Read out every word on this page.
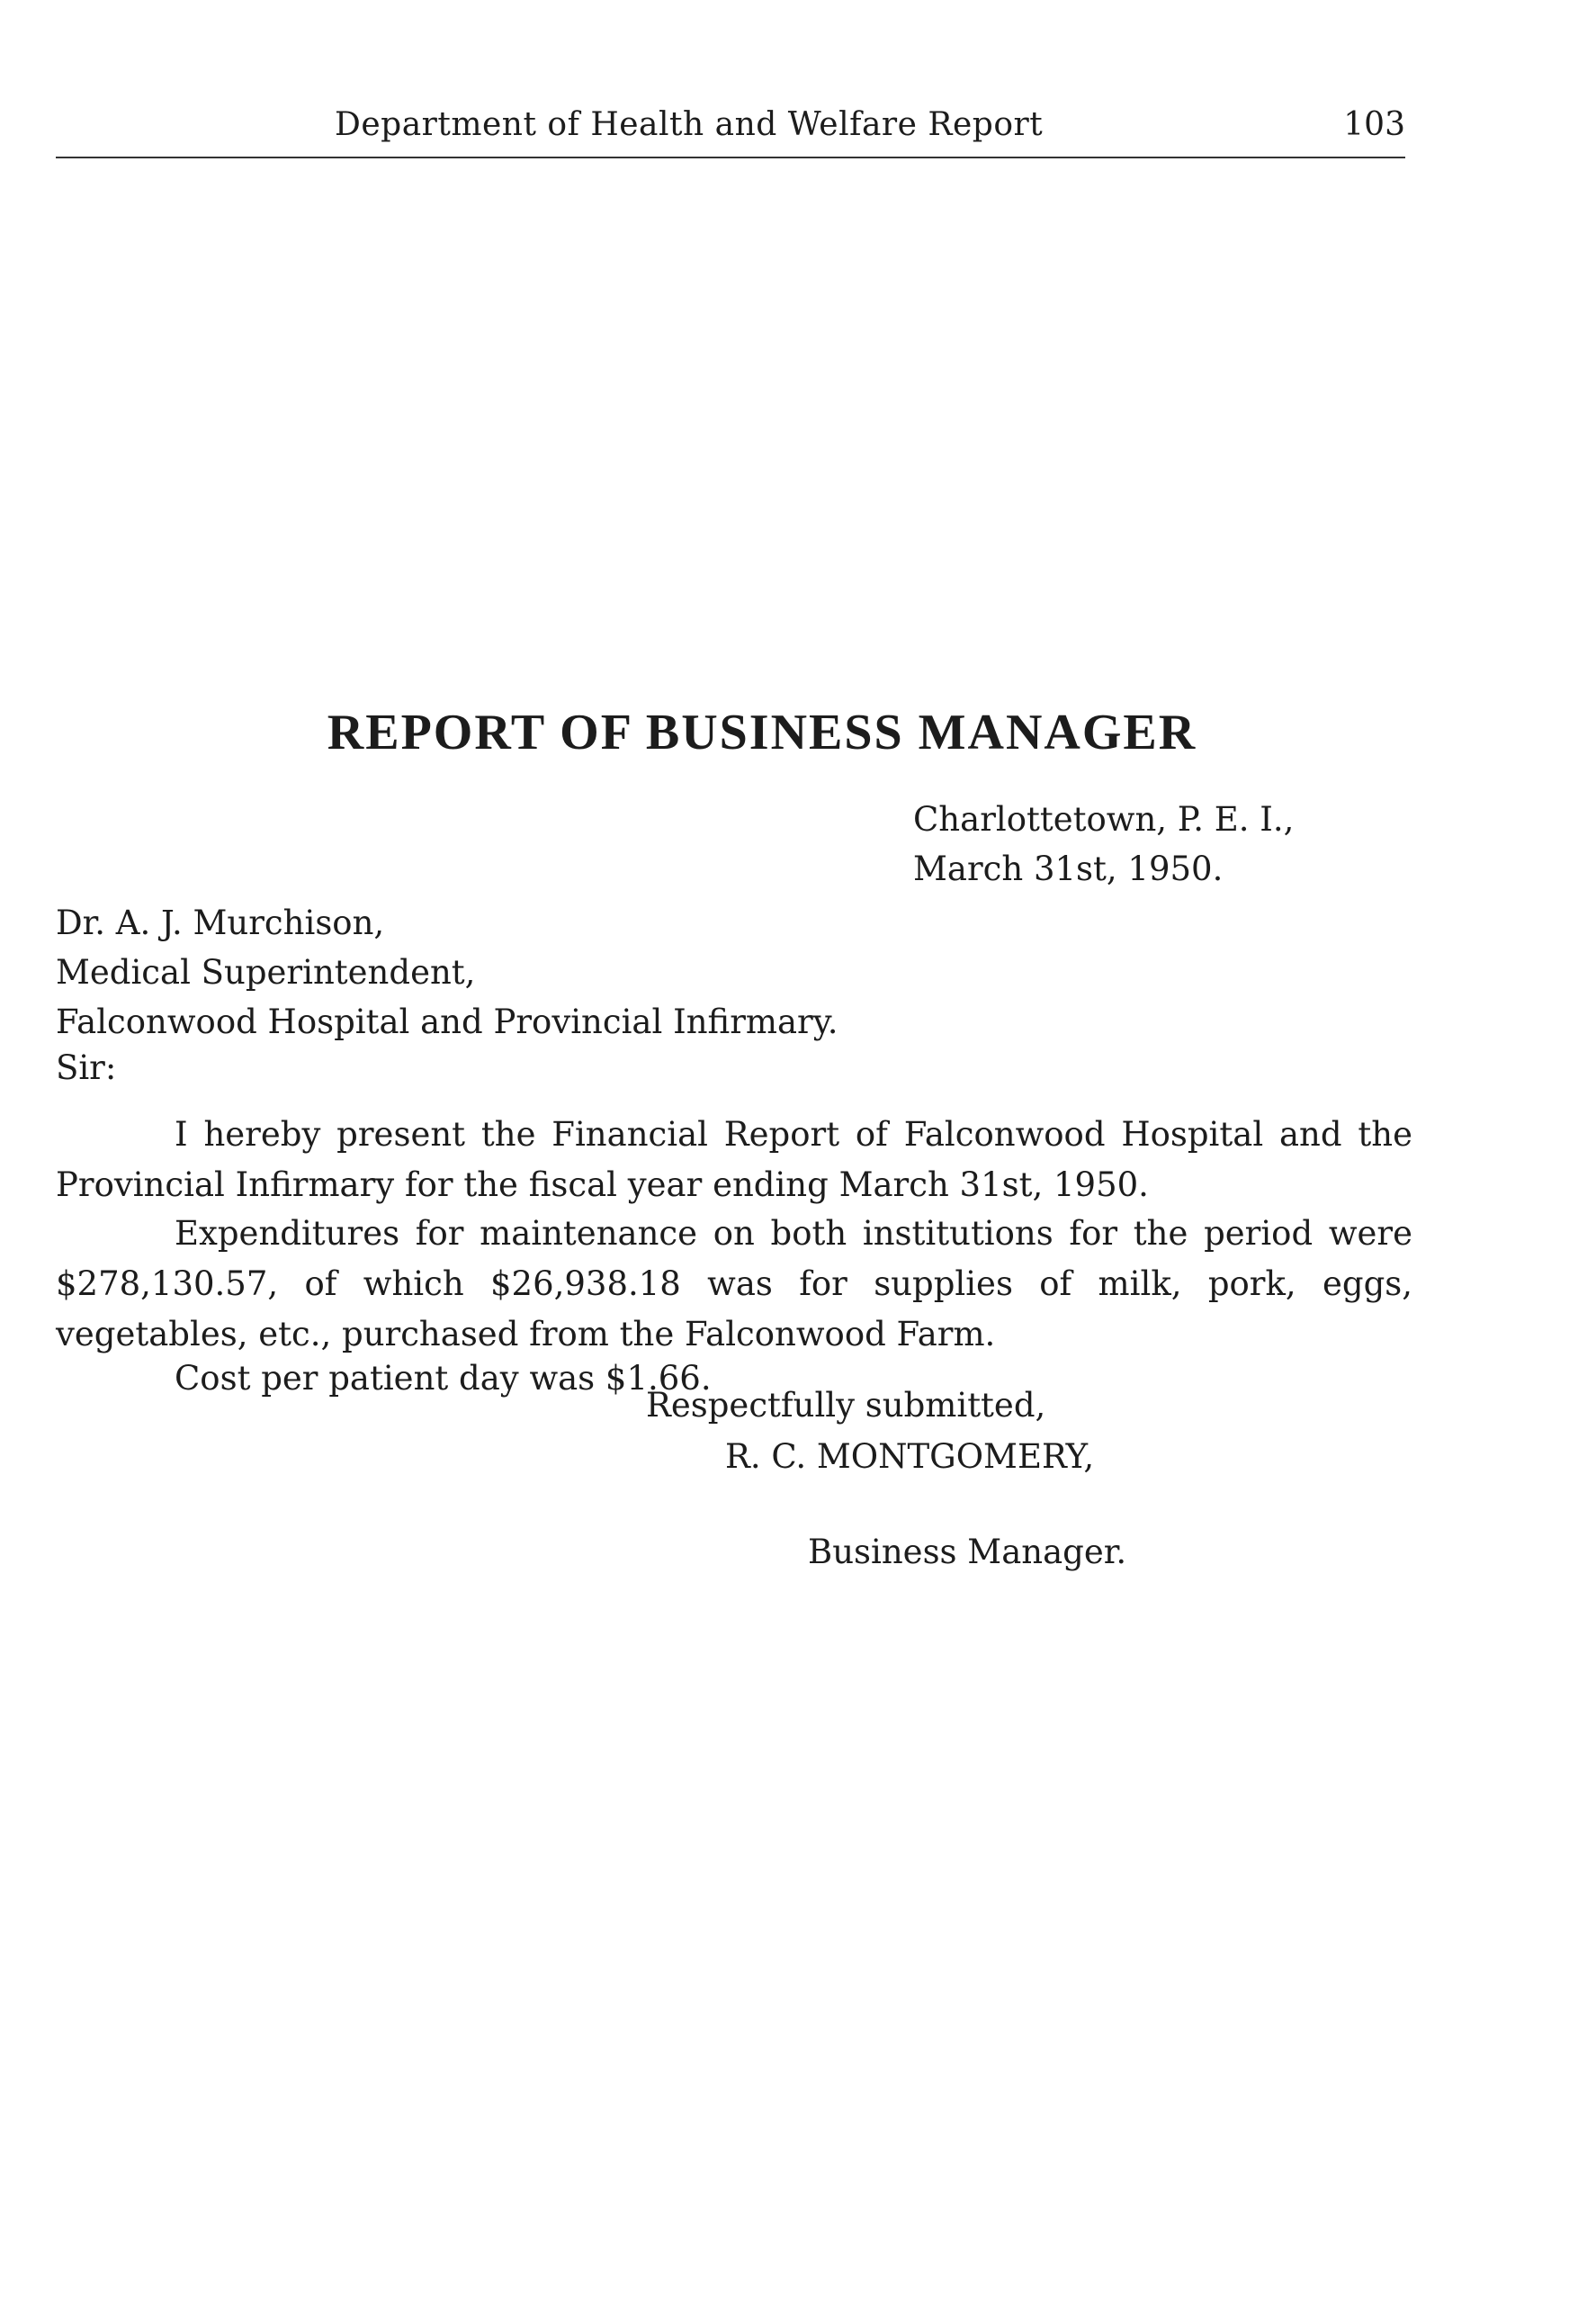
Department of Health and Welfare Report	103
REPORT OF BUSINESS MANAGER
Charlottetown, P. E. I.,
March 31st, 1950.
Dr. A. J. Murchison,
Medical Superintendent,
Falconwood Hospital and Provincial Infirmary.
Sir:

I hereby present the Financial Report of Falconwood Hospital and the Provincial Infirmary for the fiscal year ending March 31st, 1950.

Expenditures for maintenance on both institutions for the period were $278,130.57, of which $26,938.18 was for supplies of milk, pork, eggs, vegetables, etc., purchased from the Falconwood Farm.

Cost per patient day was $1.66.

Respectfully submitted,
R. C. MONTGOMERY,
Business Manager.
